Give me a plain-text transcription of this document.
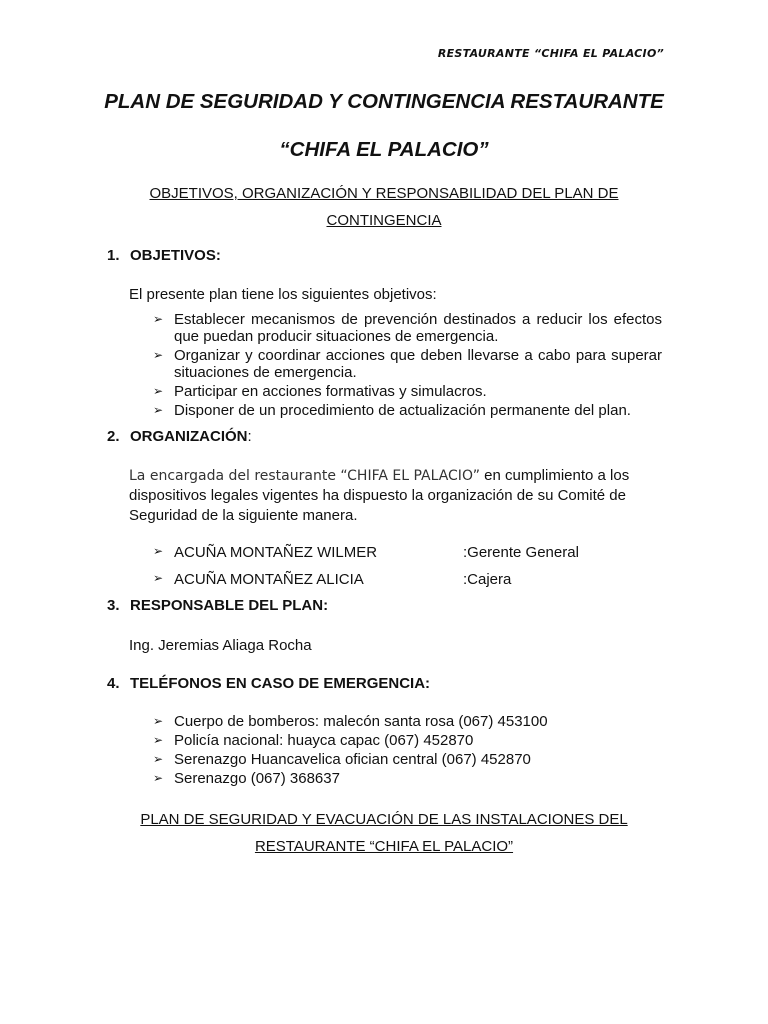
RESTAURANTE “CHIFA EL PALACIO”
PLAN DE SEGURIDAD Y CONTINGENCIA RESTAURANTE
“CHIFA EL PALACIO”
OBJETIVOS, ORGANIZACIÓN Y RESPONSABILIDAD DEL PLAN DE
CONTINGENCIA
1. OBJETIVOS:
El presente plan tiene los siguientes objetivos:
➢ Establecer mecanismos de prevención destinados a reducir los efectos que puedan producir situaciones de emergencia.
➢ Organizar y coordinar acciones que deben llevarse a cabo para superar situaciones de emergencia.
➢ Participar en acciones formativas y simulacros.
➢ Disponer de un procedimiento de actualización permanente del plan.
2. ORGANIZACIÓN:
La encargada del restaurante “CHIFA EL PALACIO” en cumplimiento a los dispositivos legales vigentes ha dispuesto la organización de su Comité de Seguridad de la siguiente manera.
➢ ACUÑA MONTAÑEZ WILMER	:Gerente General
➢ ACUÑA MONTAÑEZ ALICIA	:Cajera
3. RESPONSABLE DEL PLAN:
Ing. Jeremias Aliaga Rocha
4. TELÉFONOS EN CASO DE EMERGENCIA:
➢ Cuerpo de bomberos: malecón santa rosa (067) 453100
➢ Policía nacional: huayca capac (067) 452870
➢ Serenazgo Huancavelica ofician central (067) 452870
➢ Serenazgo (067) 368637
PLAN DE SEGURIDAD Y EVACUACIÓN DE LAS INSTALACIONES DEL
RESTAURANTE “CHIFA EL PALACIO”
